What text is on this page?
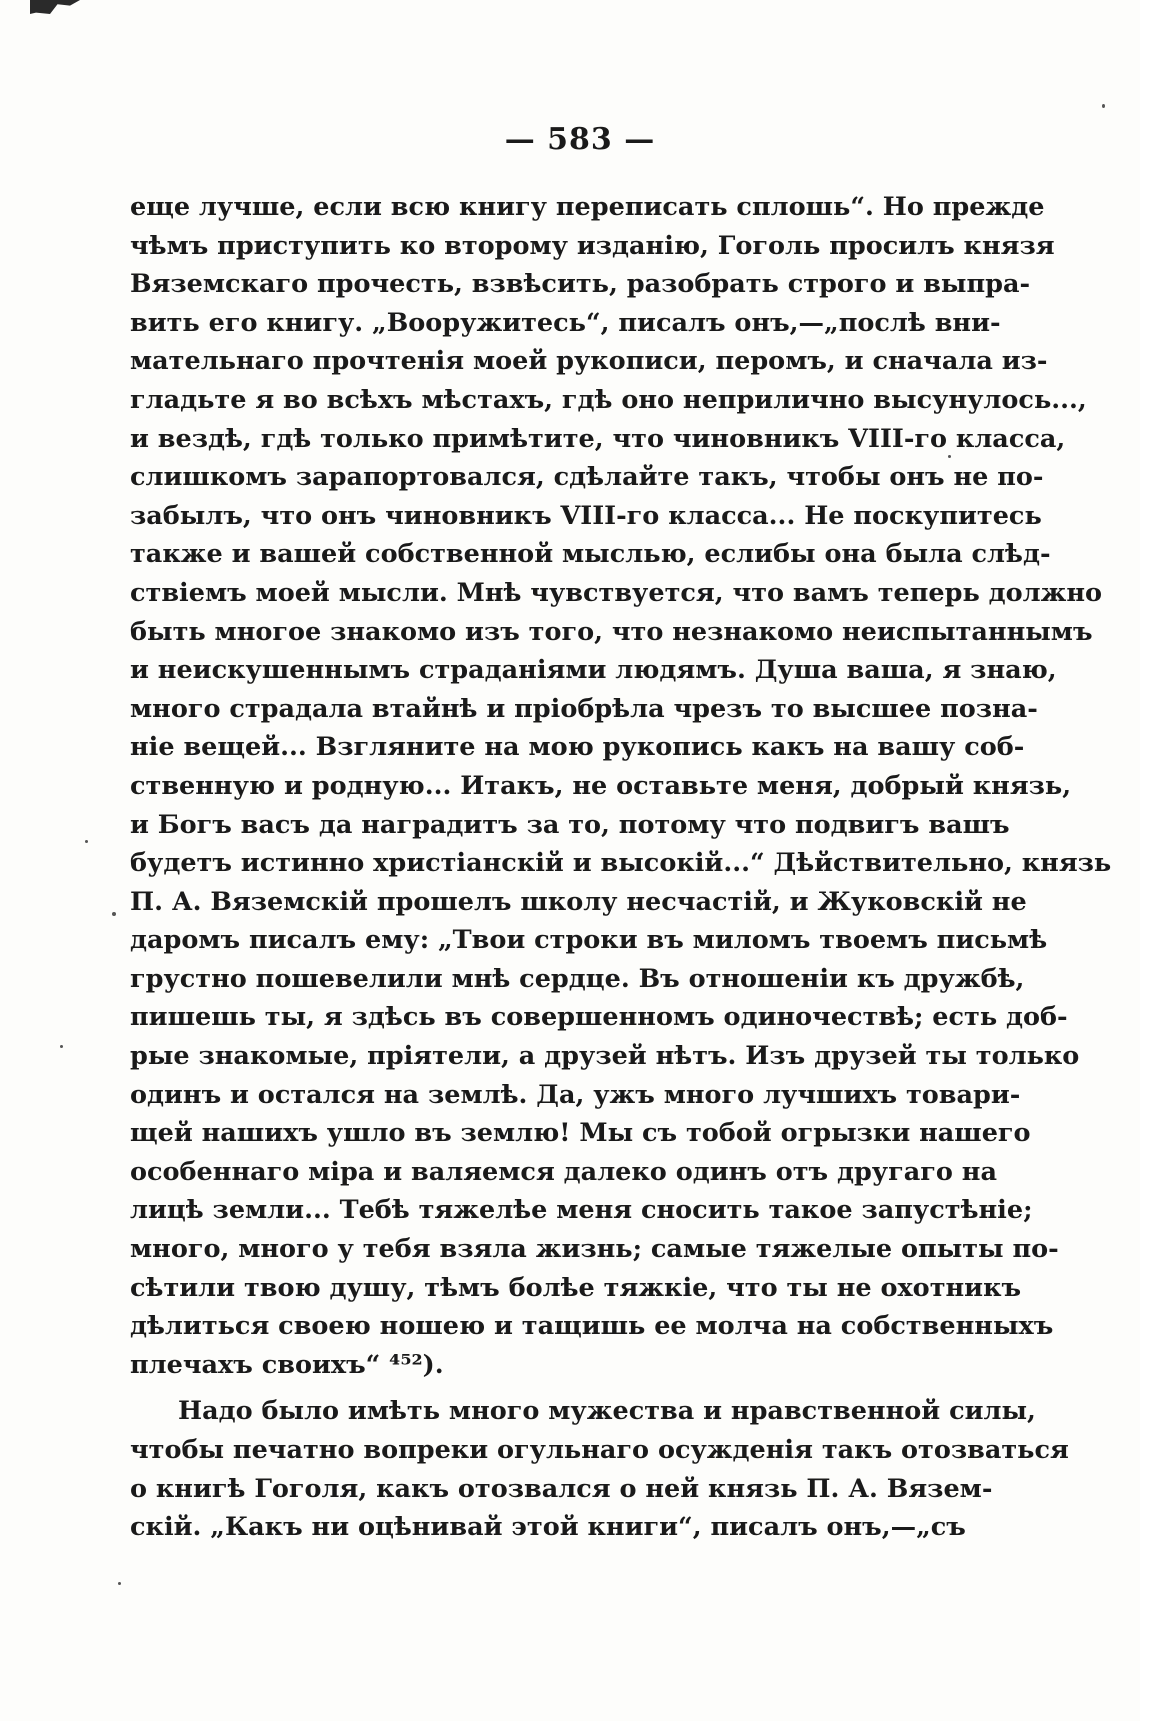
— 583 —
еще лучше, если всю книгу переписать сплошь“. Но прежде
чѣмъ приступить ко второму изданію, Гоголь просилъ князя
Вяземскаго прочесть, взвѣсить, разобрать строго и выпра-
вить его книгу. „Вооружитесь“, писалъ онъ,—„послѣ вни-
мательнаго прочтенія моей рукописи, перомъ, и сначала из-
гладьте я во всѣхъ мѣстахъ, гдѣ оно неприлично высунулось...,
и вездѣ, гдѣ только примѣтите, что чиновникъ VIII-го класса,
слишкомъ зарапортовался, сдѣлайте такъ, чтобы онъ не по-
забылъ, что онъ чиновникъ VIII-го класса... Не поскупитесь
также и вашей собственной мыслью, еслибы она была слѣд-
ствіемъ моей мысли. Мнѣ чувствуется, что вамъ теперь должно
быть многое знакомо изъ того, что незнакомо неиспытаннымъ
и неискушеннымъ страданіями людямъ. Душа ваша, я знаю,
много страдала втайнѣ и пріобрѣла чрезъ то высшее позна-
ніе вещей... Взгляните на мою рукопись какъ на вашу соб-
ственную и родную... Итакъ, не оставьте меня, добрый князь,
и Богъ васъ да наградитъ за то, потому что подвигъ вашъ
будетъ истинно христіанскій и высокій...“ Дѣйствительно, князь
П. А. Вяземскій прошелъ школу несчастій, и Жуковскій не
даромъ писалъ ему: „Твои строки въ миломъ твоемъ письмѣ
грустно пошевелили мнѣ сердце. Въ отношеніи къ дружбѣ,
пишешь ты, я здѣсь въ совершенномъ одиночествѣ; есть доб-
рые знакомые, пріятели, а друзей нѣтъ. Изъ друзей ты только
одинъ и остался на землѣ. Да, ужъ много лучшихъ товари-
щей нашихъ ушло въ землю! Мы съ тобой огрызки нашего
особеннаго міра и валяемся далеко одинъ отъ другаго на
лицѣ земли... Тебѣ тяжелѣе меня сносить такое запустѣніе;
много, много у тебя взяла жизнь; самые тяжелые опыты по-
сѣтили твою душу, тѣмъ болѣе тяжкіе, что ты не охотникъ
дѣлиться своею ношею и тащишь ее молча на собственныхъ
плечахъ своихъ“ ⁴⁵²).
Надо было имѣть много мужества и нравственной силы,
чтобы печатно вопреки огульнаго осужденія такъ отозваться
о книгѣ Гоголя, какъ отозвался о ней князь П. А. Вязем-
скій. „Какъ ни оцѣнивай этой книги“, писалъ онъ,—„съ
